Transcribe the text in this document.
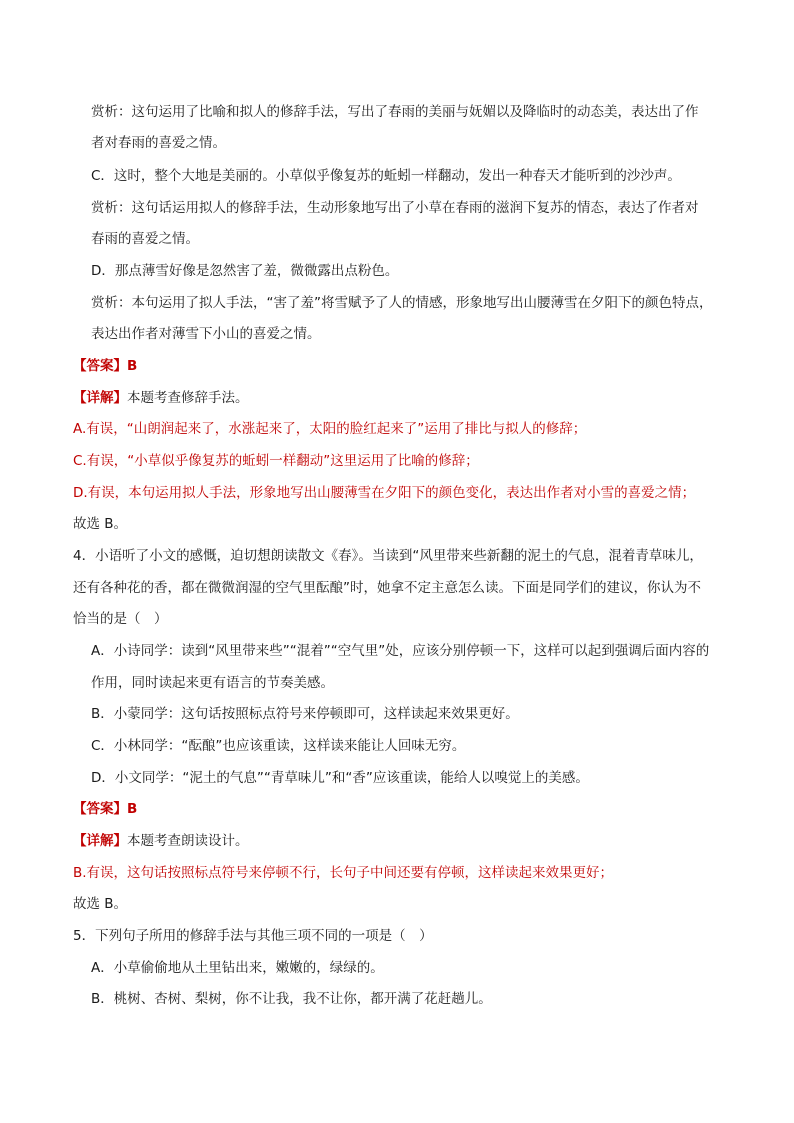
赏析：这句运用了比喻和拟人的修辞手法，写出了春雨的美丽与妩媚以及降临时的动态美，表达出了作
者对春雨的喜爱之情。
C．这时，整个大地是美丽的。小草似乎像复苏的蚯蚓一样翻动，发出一种春天才能听到的沙沙声。
赏析：这句话运用拟人的修辞手法，生动形象地写出了小草在春雨的滋润下复苏的情态，表达了作者对
春雨的喜爱之情。
D．那点薄雪好像是忽然害了羞，微微露出点粉色。
赏析：本句运用了拟人手法，“害了羞”将雪赋予了人的情感，形象地写出山腰薄雪在夕阳下的颜色特点，
表达出作者对薄雪下小山的喜爱之情。
【答案】B
【详解】本题考查修辞手法。
A.有误，“山朗润起来了，水涨起来了，太阳的脸红起来了”运用了排比与拟人的修辞；
C.有误，“小草似乎像复苏的蚯蚓一样翻动”这里运用了比喻的修辞；
D.有误，本句运用拟人手法，形象地写出山腰薄雪在夕阳下的颜色变化，表达出作者对小雪的喜爱之情；
故选 B。
4．小语听了小文的感慨，迫切想朗读散文《春》。当读到“风里带来些新翻的泥土的气息，混着青草味儿，
还有各种花的香，都在微微润湿的空气里酝酿”时，她拿不定主意怎么读。下面是同学们的建议，你认为不
恰当的是（　）
A．小诗同学：读到“风里带来些”“混着”“空气里”处，应该分别停顿一下，这样可以起到强调后面内容的
作用，同时读起来更有语言的节奏美感。
B．小蒙同学：这句话按照标点符号来停顿即可，这样读起来效果更好。
C．小林同学：“酝酿”也应该重读，这样读来能让人回味无穷。
D．小文同学：“泥土的气息”“青草味儿”和“香”应该重读，能给人以嗅觉上的美感。
【答案】B
【详解】本题考查朗读设计。
B.有误，这句话按照标点符号来停顿不行，长句子中间还要有停顿，这样读起来效果更好；
故选 B。
5．下列句子所用的修辞手法与其他三项不同的一项是（　）
A．小草偷偷地从土里钻出来，嫩嫩的，绿绿的。
B．桃树、杏树、梨树，你不让我，我不让你，都开满了花赶趟儿。
